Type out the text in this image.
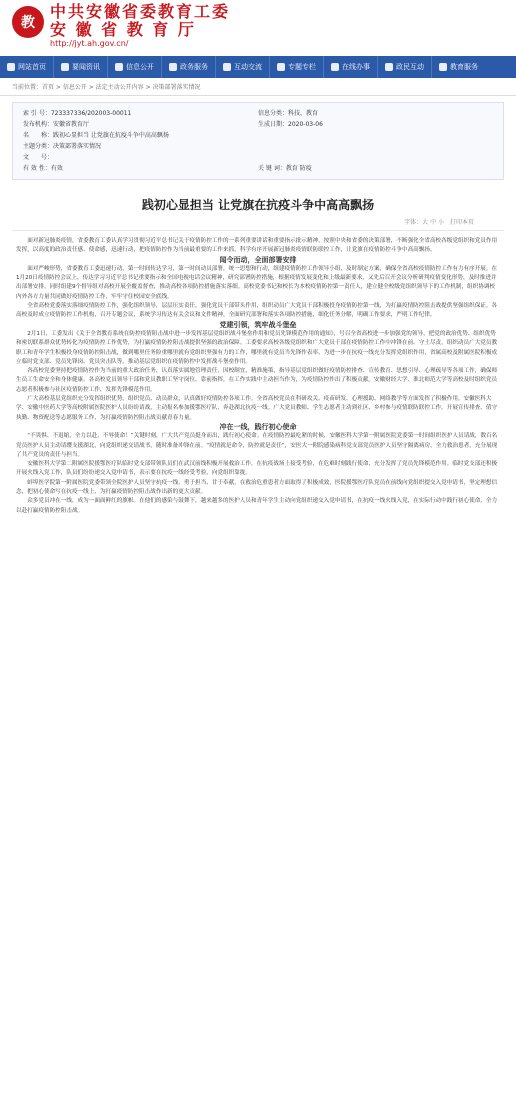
教
中共安徽省委教育工委
安 徽 省 教 育 厅
http://jyt.ah.gov.cn/
网站首页	要闻资讯	信息公开	政务服务	互动交流	专题专栏	在线办事	政民互动	教育服务
当前位置：首页 > 信息公开 > 法定主动公开内容 > 决策部署落实情况
索 引 号：723337336/202003-00011	信息分类：科技、教育
发布机构：安徽省教育厅	生成日期：2020-03-06
名　　称：践初心显担当 让党旗在抗疫斗争中高高飘扬
主题分类：决策部署落实情况
文　　号：
有 效 性：有效	关 键 词：教育 防疫
践初心显担当 让党旗在抗疫斗争中高高飘扬
字体：大 中 小　打印本页

面对新冠肺炎疫情，省委教育工委认真学习贯彻习近平总书记关于疫情防控工作的一系列重要讲话和重要指示批示精神，按照中央和省委的决策部署，不断强化全省高校各级党组织和党员作用发挥，以高度的政治责任感、使命感，迅速行动，把疫情防控作为当前最重要的工作来抓，科学有序开展新冠肺炎疫情联防联控工作，让党旗在疫情防控斗争中高高飘扬。

闻令而动，全面部署安排

面对严峻形势，省委教育工委迅速行动，第一时间传达学习，第一时间动员部署，统一思想和行动，组建疫情防控工作领导小组，及时制定方案，确保全省高校疫情防控工作有力有序开展。在1月20日疫情防控会议上，传达学习习近平总书记重要指示和全国电视电话会议精神，研究部署防控措施，根据疫情发展变化和上级最新要求，又先后召开会议分析研判疫情变化形势，及时推进并出部署安排。同时组建9个督导组对高校开展全覆盖督查，推动高校各项防控措施落实落细。高校党委书记和校长为本校疫情防控第一责任人，建立健全校级党组织领导下的工作机制，组织协调校内外各方力量共同做好疫情防控工作，牢牢守住校园安全底线。

全省高校党委落实落细疫情防控工作，强化组织领导，层层压实责任，强化党员干部带头作用，组织动员广大党员干部积极投身疫情防控第一线，为打赢疫情防控阻击战提供坚强组织保证。各高校及时成立疫情防控工作机构，召开专题会议，系统学习传达有关会议和文件精神，全面研究部署和落实各项防控措施，细化任务分解，明确工作要求，严明工作纪律。

党建引领，筑牢战斗堡垒

2月1日，工委发出《关于全省教育系统在防控疫情阻击战中进一步发挥基层党组织战斗堡垒作用和党员先锋模范作用的通知》，号召全省高校进一步加强党的领导，把党的政治优势、组织优势和密切联系群众优势转化为疫情防控工作优势，为打赢疫情防控阻击战提供坚强的政治保障。工委要求高校各级党组织和广大党员干部在疫情防控工作中冲锋在前、守土尽责，组织动员广大党员教职工和青年学生积极投身疫情防控阻击战，做到哪里任务险重哪里就有党组织坚强有力的工作，哪里就有党员当先锋作表率，为进一步在抗疫一线充分发挥党组织作用，省属高校及附属医院积极成立临时党支部、党员先锋岗、党员突击队等，推动基层党组织在疫情防控中发挥战斗堡垒作用。

各高校党委坚持把疫情防控作为当前的重大政治任务，认真落实属地管理责任，因校制宜，精准施策，指导基层党组织做好疫情防控排查、宣传教育、思想引导、心理疏导等各项工作，确保师生员工生命安全和身体健康。各高校党员领导干部和党员教职工坚守岗位、靠前指挥，在工作实践中主动担当作为，为疫情防控作出了积极贡献。安徽财经大学、淮北师范大学等高校及时组织党员志愿者积极参与社区疫情防控工作，发挥先锋模范作用。

广大高校基层党组织充分发挥组织优势，组织党员、动员群众，认真做好疫情防控各项工作。全省高校党员在科研攻关、疫苗研发、心理援助、网络教学等方面发挥了积极作用。安徽医科大学、安徽中医药大学等高校附属医院医护人员纷纷请战，主动报名参加援鄂医疗队，奔赴湖北抗疫一线。广大党员教师、学生志愿者主动到社区、乡村参与疫情联防联控工作，开展宣传排查、值守执勤、物资配送等志愿服务工作，为打赢疫情防控阻击战贡献青春力量。

冲在一线，践行初心使命

“不畏惧、不退缩，全力以赴，不辱使命！”关键时刻，广大共产党员挺身而出，践行初心使命。在疫情防控最吃紧的时候，安徽医科大学第一附属医院党委第一时间组织医护人员请战，数百名党员医护人员主动请缨支援湖北，向党组织递交请战书，随时准备冲锋在前。“疫情就是命令，防控就是责任”，安医大一附院感染病科党支部党员医护人员坚守隔离病房，全力救治患者，充分展现了共产党员的责任与担当。

安徽医科大学第二附属医院援鄂医疗队临时党支部带领队员们在武汉前线积极开展救治工作，在抗疫战场上接受考验，在危难时刻践行使命，充分发挥了党员先锋模范作用。临时党支部还积极开展火线入党工作，队员们纷纷递交入党申请书，表示要在抗疫一线经受考验，向党组织靠拢。

蚌埠医学院第一附属医院党委带领全院医护人员坚守抗疫一线，勇于担当、甘于奉献，在救治危重患者方面取得了积极成效，医院援鄂医疗队党员在前线向党组织提交入党申请书，坚定理想信念，把初心使命写在抗疫一线上，为打赢疫情防控阻击战作出新的更大贡献。

众多党员冲在一线，成为一面面鲜红的旗帜。在他们的感染与鼓舞下，越来越多的医护人员和青年学生主动向党组织递交入党申请书，在抗疫一线火线入党，在实际行动中践行初心使命，全力以赴打赢疫情防控阻击战。
